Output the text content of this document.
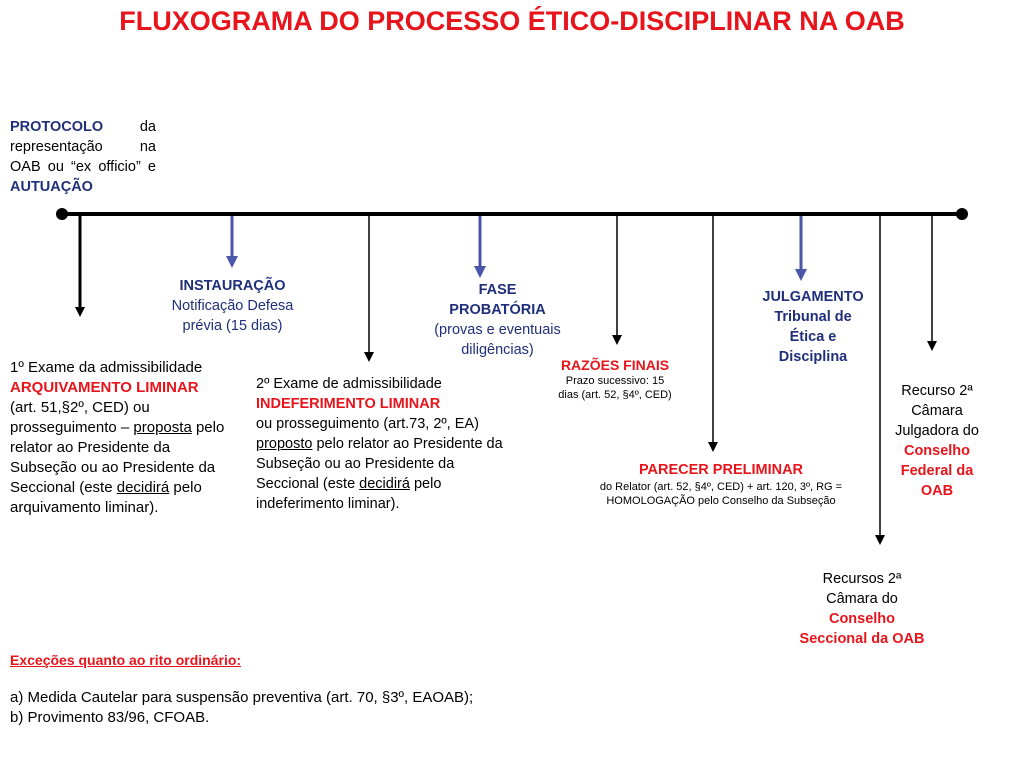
FLUXOGRAMA DO PROCESSO ÉTICO-DISCIPLINAR NA OAB
PROTOCOLO da representação na OAB ou “ex officio” e AUTUAÇÃO
1º Exame da admissibilidade
ARQUIVAMENTO LIMINAR (art. 51,§2º, CED) ou prosseguimento – proposta pelo relator ao Presidente da Subseção ou ao Presidente da Seccional (este decidirá pelo arquivamento liminar).
INSTAURAÇÃO
Notificação Defesa
prévia (15 dias)
2º Exame de admissibilidade
INDEFERIMENTO LIMINAR
ou prosseguimento (art.73, 2º, EA) proposto pelo relator ao Presidente da Subseção ou ao Presidente da Seccional (este decidirá pelo indeferimento liminar).
FASE
PROBATÓRIA
(provas e eventuais
diligências)
RAZÕES FINAIS
Prazo sucessivo: 15
dias (art. 52, §4º, CED)
PARECER PRELIMINAR
do Relator (art. 52, §4º, CED) + art. 120, 3º, RG =
HOMOLOGAÇÃO pelo Conselho da Subseção
JULGAMENTO
Tribunal de
Ética e
Disciplina
Recurso 2ª
Câmara
Julgadora do
Conselho
Federal da
OAB
Recursos 2ª
Câmara do
Conselho
Seccional da OAB
Exceções quanto ao rito ordinário:
a) Medida Cautelar para suspensão preventiva (art. 70, §3º, EAOAB);
b) Provimento 83/96, CFOAB.
